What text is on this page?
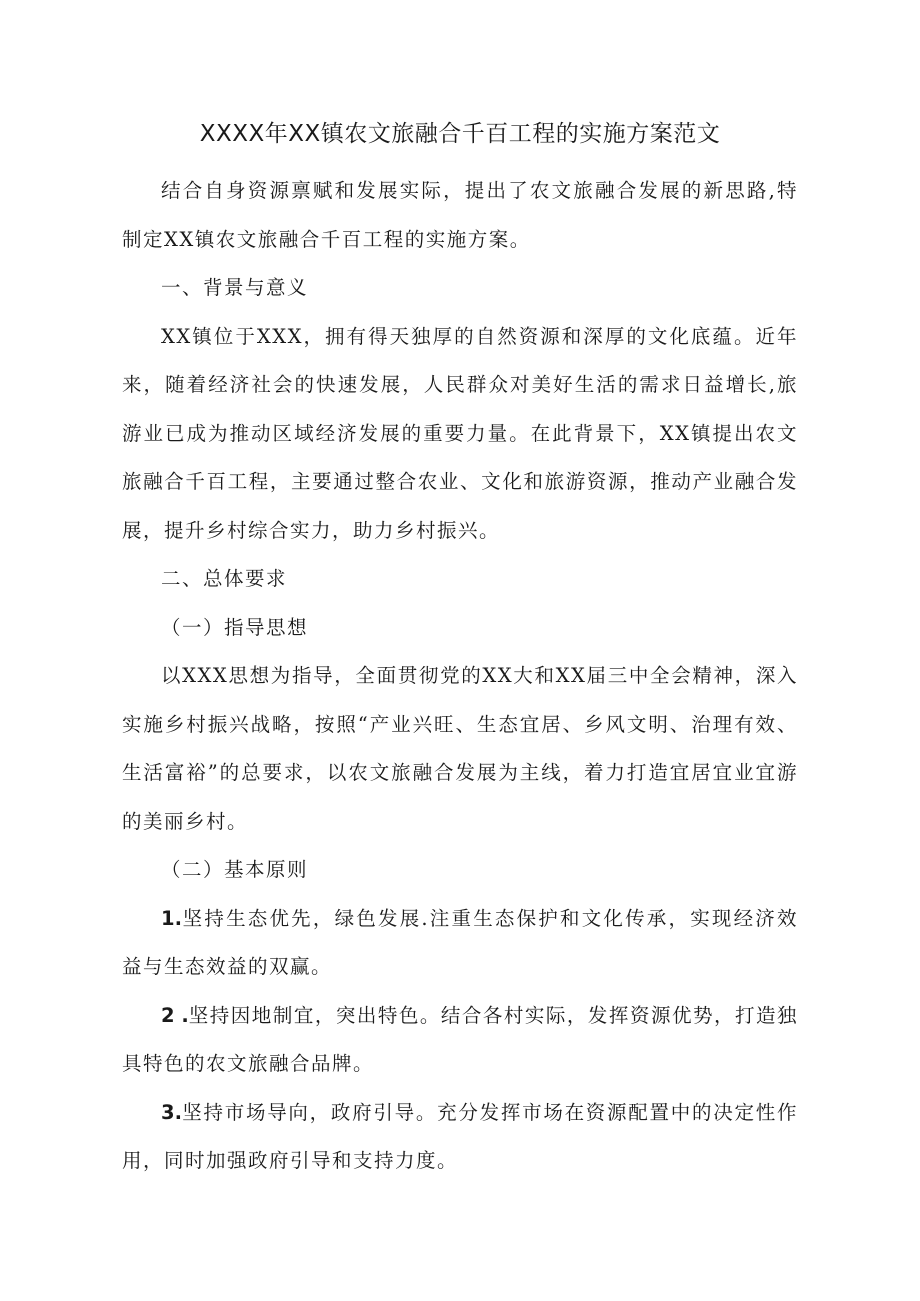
XXXX年XX镇农文旅融合千百工程的实施方案范文

结合自身资源禀赋和发展实际，提出了农文旅融合发展的新思路,特制定XX镇农文旅融合千百工程的实施方案。

一、背景与意义

XX镇位于XXX，拥有得天独厚的自然资源和深厚的文化底蕴。近年来，随着经济社会的快速发展，人民群众对美好生活的需求日益增长,旅游业已成为推动区域经济发展的重要力量。在此背景下，XX镇提出农文旅融合千百工程，主要通过整合农业、文化和旅游资源，推动产业融合发展，提升乡村综合实力，助力乡村振兴。

二、总体要求

（一）指导思想

以XXX思想为指导，全面贯彻党的XX大和XX届三中全会精神，深入实施乡村振兴战略，按照“产业兴旺、生态宜居、乡风文明、治理有效、生活富裕”的总要求，以农文旅融合发展为主线，着力打造宜居宜业宜游的美丽乡村。

（二）基本原则

1.坚持生态优先，绿色发展.注重生态保护和文化传承，实现经济效益与生态效益的双赢。

2 .坚持因地制宜，突出特色。结合各村实际，发挥资源优势，打造独具特色的农文旅融合品牌。

3.坚持市场导向，政府引导。充分发挥市场在资源配置中的决定性作用，同时加强政府引导和支持力度。
